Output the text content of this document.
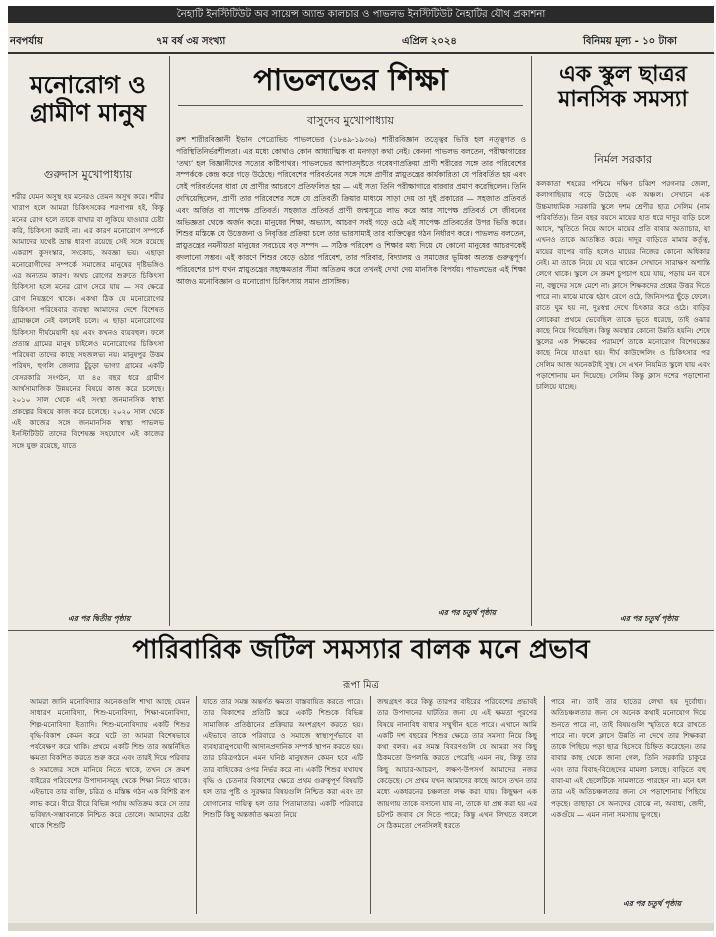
নৈহাটি ইনস্টিটিউট অব সায়েন্স অ্যান্ড কালচার ও পাভলভ ইনস্টিটিউট নৈহাটির যৌথ প্রকাশনা
নবপর্যায়	৭ম বর্ষ ৩য় সংখ্যা	এপ্রিল ২০২৪	বিনিময় মূল্য - ১০ টাকা
মনোরোগ ও গ্রামীণ মানুষ
গুরুদাস মুখোপাধ্যায়
শরীর যেমন অসুস্থ হয় মনেরও তেমন অসুখ করে। শরীর খারাপ হলে আমরা চিকিৎসকের শরণাপন্ন হই, কিন্তু মনের রোগ হলে তাকে বাখার বা লুকিয়ে যাওয়ার চেষ্টা করি, চিকিৎসা করাই না। এর কারণ মনোরোগ সম্পর্কে আমাদের যথেষ্ট ভ্রান্ত ধারণা রয়েছে সেই সঙ্গে রয়েছে একরাশ কুসংস্কার, সংকোচ, অবজ্ঞা ভয়। এছাড়া মনোরোগীদের সম্পর্কে সমাজের মানুষের দৃষ্টিভঙ্গিও এর অন্যতম কারণ। অথচ রোগের শুরুতে চিকিৎসা চিকিৎসা হলে মনের রোগ সেরে যায় — সব ক্ষেত্রে রোগ নিয়ন্ত্রণে থাকে। একথা ঠিক যে মনোরোগের চিকিৎসা পরিষেবার ব্যবস্থা আমাদের দেশে বিশেষত গ্রামাঞ্চলে নেই বললেই চলে। এ ছাড়া মনোরোগের চিকিৎসা দীর্ঘমেয়াদী হয় এবং কখনও ব্যয়বহুল। ফলে প্রত্যন্ত গ্রামের মানুষ চাইলেও মনোরোগের চিকিৎসা পরিষেবা তাদের কাছে সহজলভ্য নয়। মানুষপুর উত্তম পরিষদ, হুগলি জেলার চুঁচুড়া ভাগ্যা গ্রামের একটি বেসরকারি সংগঠন, যা ৪৫ বছর ধরে গ্রামীণ আর্থসামাজিক উন্নয়নের বিষয়ে কাজ করে চলেছে। ২০১০ সাল থেকে এই সংস্থা জনমানসিক স্বাস্থ্য প্রকল্পের বিষয়ে কাজ করে চলেছে। ২০২০ সাল থেকে এই কাজের সঙ্গে জনমানসিক স্বাস্থ্য পাভলভ ইনস্টিটিউট তাদের বিশেষজ্ঞ সহযোগে এই কাজের সঙ্গে যুক্ত রয়েছে, যাতে
এর পর দ্বিতীয় পৃষ্ঠায়
পাভলভের শিক্ষা
বাসুদেব মুখোপাধ্যায়
রুশ শারীরবিজ্ঞানী ইভান পেত্রোভিচ পাভলভের (১৮৪৯-১৯৩৬) শারীরবিজ্ঞান তত্ত্বের ভিত্তি হল নত্ত্বগত ও পরিস্থিতিনির্ভরশীলতা। এর মধ্যে কোথাও কোন আধ্যাত্মিক বা মনগড়া কথা নেই। কেননা পাভলভ বলতেন, পরীক্ষাগারের ‘তথ্য’ হল বিজ্ঞানীদের সত্যের কষ্টিপাথর। পাভলভের আপাতদৃষ্টতে গবেষণাপ্রক্রিয়া প্রাণী শরীরের সঙ্গে তার পরিবেশের সম্পর্ককে কেন্দ্র করে গড়ে উঠেছে। পরিবেশের পরিবর্তনের সঙ্গে সঙ্গে প্রাণীর স্নায়ুতন্ত্রের কার্যকারিতা যে পরিবর্তিত হয় এবং সেই পরিবর্তনের ধারা যে প্রাণীর আচরণে প্রতিফলিত হয় — এই সত্য তিনি পরীক্ষাগারে বারবার প্রমাণ করেছিলেন। তিনি দেখিয়েছিলেন, প্রাণী তার পরিবেশের সঙ্গে যে প্রতিবর্তী ক্রিয়ার মাধ্যমে সাড়া দেয় তা দুই প্রকারের — সহজাত প্রতিবর্ত এবং অর্জিত বা সাপেক্ষ প্রতিবর্ত। সহজাত প্রতিবর্ত প্রাণী জন্মসূত্রে লাভ করে আর সাপেক্ষ প্রতিবর্ত সে জীবনের অভিজ্ঞতা থেকে অর্জন করে। মানুষের শিক্ষা, অভ্যাস, আচরণ সবই গড়ে ওঠে এই সাপেক্ষ প্রতিবর্তের উপর ভিত্তি করে। শিশুর মস্তিষ্কে যে উত্তেজনা ও নিবৃত্তির প্রক্রিয়া চলে তার ভারসাম্যই তার ব্যক্তিত্বের গঠন নির্ধারণ করে। পাভলভ বলতেন, স্নায়ুতন্ত্রের নমনীয়তা মানুষের সবচেয়ে বড় সম্পদ — সঠিক পরিবেশ ও শিক্ষার মধ্য দিয়ে যে কোনো মানুষের আচরণকেই বদলানো সম্ভব। এই কারণে শিশুর বেড়ে ওঠার পরিবেশ, তার পরিবার, বিদ্যালয় ও সমাজের ভূমিকা অত্যন্ত গুরুত্বপূর্ণ। পরিবেশের চাপ যখন স্নায়ুতন্ত্রের সহ্যক্ষমতার সীমা অতিক্রম করে তখনই দেখা দেয় মানসিক বিপর্যয়। পাভলভের এই শিক্ষা আজও মনোবিজ্ঞান ও মনোরোগ চিকিৎসায় সমান প্রাসঙ্গিক।
এর পর চতুর্থ পৃষ্ঠায়
এক স্কুল ছাত্রর মানসিক সমস্যা
নির্মল সরকার
কলকাতা শহরের পশ্চিমে দক্ষিণ চব্বিশ পরগনার জেলা, কলাগাছিয়ায় গড়ে উঠেছে এক অঞ্চল। সেখানে এক উচ্চমাধ্যমিক সরকারি স্কুলে দশম শ্রেণীর ছাত্র সেলিম (নাম পরিবর্তিত)। তিন বছর বয়সে মায়ের হাত ধরে দাদুর বাড়ি চলে আসে, স্মৃতিতে নিয়ে আসে মায়ের প্রতি বাবার অত্যাচার, যা এখনও তাকে আতঙ্কিত করে। দাদুর বাড়িতে মামার কর্তৃত্ব, মায়ের বাপের বাড়ি হলেও মায়ের নিজের কোনো অধিকার নেই। মা তাকে নিয়ে যে ঘরে থাকেন সেখানে সারাক্ষণ অশান্তি লেগে থাকে। স্কুলে সে ক্রমশ চুপচাপ হয়ে যায়, পড়ায় মন বসে না, বন্ধুদের সঙ্গে মেশে না। ক্লাসে শিক্ষকদের প্রশ্নের উত্তর দিতে পারে না। মাঝে মাঝে হঠাৎ রেগে ওঠে, জিনিসপত্র ছুঁড়ে ফেলে। রাতে ঘুম হয় না, দুঃস্বপ্ন দেখে চিৎকার করে ওঠে। বাড়ির লোকেরা প্রথমে ভেবেছিল তাকে ভূতে ধরেছে, তাই ওঝার কাছে নিয়ে গিয়েছিল। কিন্তু অবস্থার কোনো উন্নতি হয়নি। শেষে স্কুলের এক শিক্ষকের পরামর্শে তাকে মনোরোগ বিশেষজ্ঞের কাছে নিয়ে যাওয়া হয়। দীর্ঘ কাউন্সেলিং ও চিকিৎসার পর সেলিম আজ অনেকটাই সুস্থ। সে এখন নিয়মিত স্কুলে যায় এবং পড়াশোনায় মন দিয়েছে। সেলিম কিন্তু ক্লাস দশের পড়াশোনা চালিয়ে যাচ্ছে।
এর পর চতুর্থ পৃষ্ঠায়
পারিবারিক জটিল সমস্যার বালক মনে প্রভাব
রূপা মিত্র
আমরা জানি মনোবিদ্যার অনেকগুলি শাখা আছে যেমন সাধারণ মনোবিদ্যা, শিশু-মনোবিদ্যা, শিক্ষা-মনোবিদ্যা, শিল্প-মনোবিদ্যা ইত্যাদি। শিশু-মনোবিদ্যায় একটি শিশুর বৃদ্ধি-বিকাশ কেমন করে ঘটে তা আমরা বিশেষভাবে পর্যবেক্ষণ করে থাকি। প্রথমে একটি শিশু তার অন্তর্নিহিত ক্ষমতা বিকশিত করতে শুরু করে এবং তারই দিয়ে পরিবার ও সমাজের সঙ্গে মানিয়ে নিতে থাকে, তখন সে ক্রমশ বাইরের পরিবেশের উপাদানসমূহ থেকে শিক্ষা নিতে থাকে। এইভাবে তার ব্যক্তি, চরিত্র ও মস্তিষ্ক গঠন এক বিশিষ্ট রূপ লাভ করে। বীরে বীরে বিভিন্ন পর্যায় অতিক্রম করে সে তার ভবিষ্যৎ-সম্ভাবনাকে নিশ্চিত করে তোলে। আমাদের চেষ্টা থাকে শিশুটি
যাতে তার সমস্ত অন্তর্গত ক্ষমতা বাস্তবায়িত করতে পারে। তার বিকাশের প্রতিটি স্তরে একটি শিশুকে বিভিন্ন সামাজিক প্রতিষ্ঠানের প্রক্রিয়ার অংশগ্রহণ করতে হয়। এইভাবে তাকে পরিবারে ও সমাজে স্বাস্থ্যপূর্ণভাবে বা ব্যবহারানুপযোগী আদানপ্রদানিক সম্পর্ক স্থাপন করতে হয়। তার চরিত্রগঠনে এমন ঘনিষ্ঠ মানুষজন কেমন হবে এটি তার বাহ্যিকের ওপর নির্ভর করে না। একটি শিশুর যথাযথ বৃদ্ধি ও চেতনার বিকাশের ক্ষেত্রে প্রথম গুরুত্বপূর্ণ বিষয়টি হল তার পুষ্টি ও সুরক্ষার বিষয়গুলি নিশ্চিত করা এবং তা যোগানোর দায়িত্ব হল তার পিতামাতার। একটি পরিবারে শিশুটি কিছু অন্তর্জাত ক্ষমতা নিয়ে
জন্মগ্রহণ করে কিন্তু তারপর বাইরের পরিবেশের প্রভাবই তার উপাদানের ঘাটতির জন্য যে এই ক্ষমতা পূরণের বিষয়ে নানাবিধ বাধার সম্মুখীন হতে পারে। এখানে আমি একটি দশ বছরের শিশুর ক্ষেত্রে তার সমস্যা নিয়ে কিছু কথা বলব। এর সমস্ত বিবরণগুলি যে আমরা সব কিছু ঠিকমতো উপলব্ধি করতে পেরেছি এমন নয়, কিন্তু তার কিছু আচার-আচরণ, লক্ষণ-উপসর্গ আমাদের নজর কেড়েছে। সে প্রথম যখন আমাদের কাছে আসে তখন তার মধ্যে একধরনের চঞ্চলতা লক্ষ করা যায়। কিছুক্ষণ এক জায়গায় তাকে বসানো যায় না, তাকে যা প্রশ্ন করা হয় এর চটপট জবাব সে দিতে পারে; কিন্তু এখন লিখতে বললে সে ঠিকমতো পেনসিলই ধরতে
পারে না। তাই তার হাতের লেখা হয় দুর্বোধ্য। অতিচঞ্চলতার জন্য সে অনেক কথাই মনোযোগ দিয়ে শুনতে পারে না, তাই বিষয়গুলি স্মৃতিতে ধরে রাখতে পারে না। ফলে ক্লাসে উন্নতি না দেখে তার শিক্ষকরা তাকে পিছিয়ে পড়া ছাত্র হিসেবে চিহ্নিত করেছেন। তার বাবার কাছ থেকে জানা গেল, তিনি সরকারি চাকুরে এবং তার বিবাহ-বিচ্ছেদের মামলা চলছে। বাড়িতে বহু বাবা-মা এই ছেলেটিকে সামলাতে পারছেন না। মনে হল তার এই অতিচঞ্চলতার জন্য সে পড়াশোনায় পিছিয়ে পড়ছে। তাছাড়া সে অন্যদের বোঝে না, অবাধ্য, জেদী, একগুঁয়ে — এমন নানা সমস্যায় ভুগছে।
এর পর চতুর্থ পৃষ্ঠায়
